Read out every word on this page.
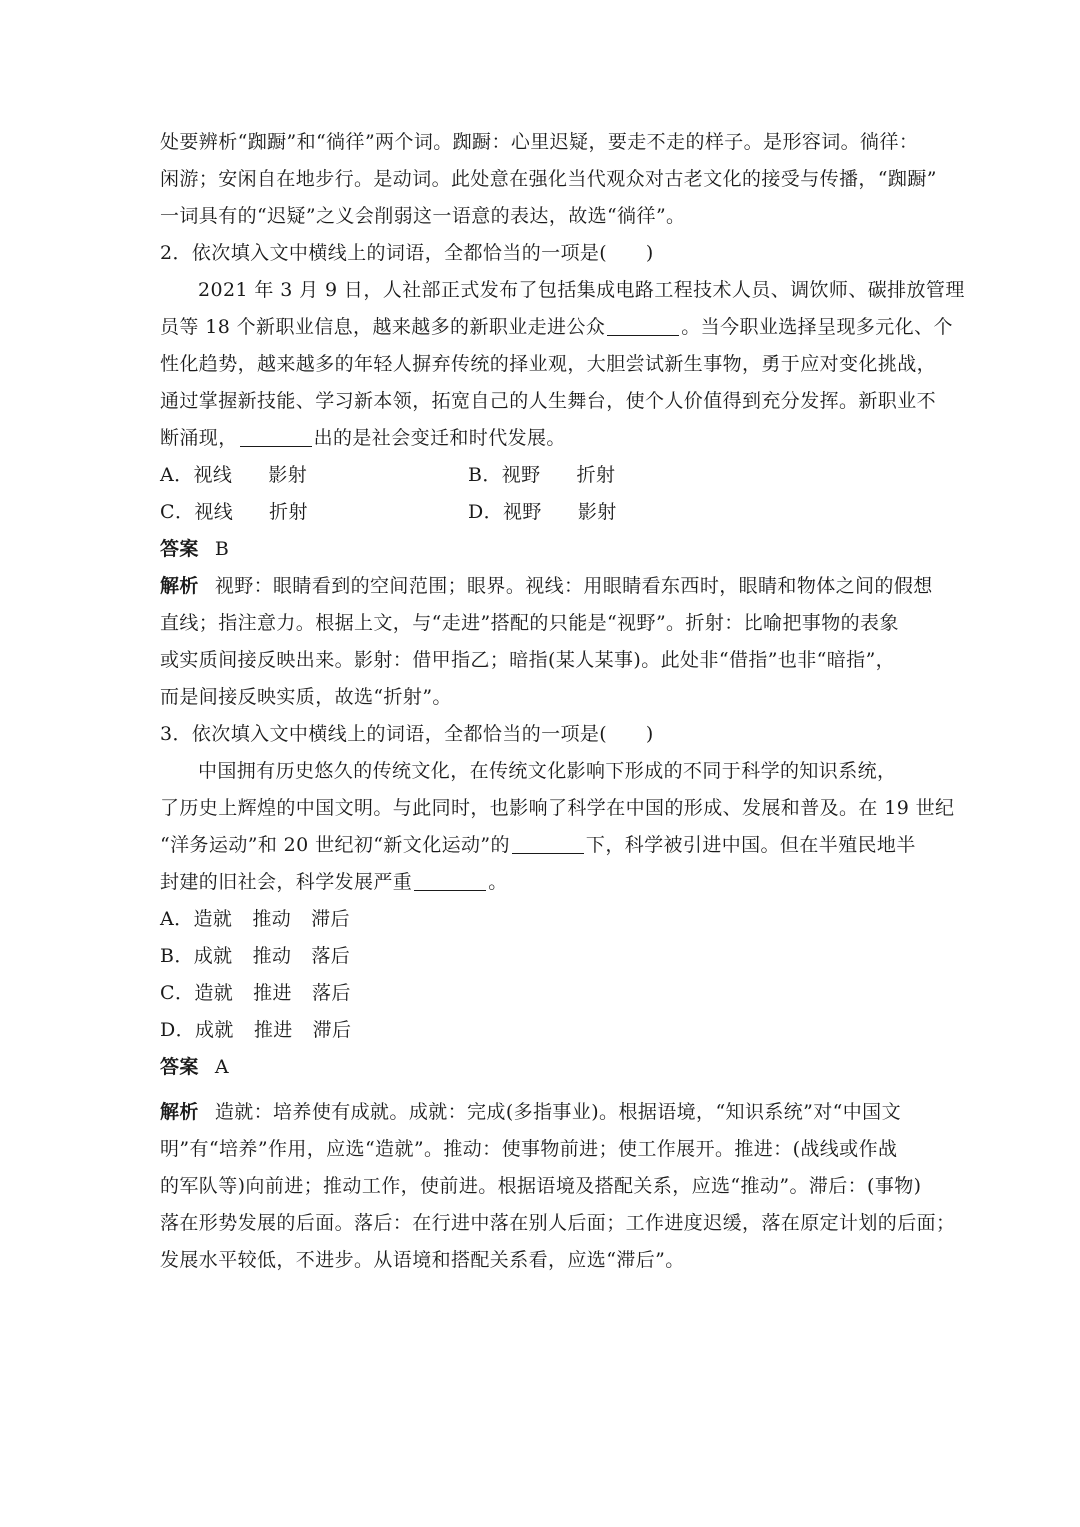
处要辨析“踟蹰”和“徜徉”两个词。踟蹰：心里迟疑，要走不走的样子。是形容词。徜徉：
闲游；安闲自在地步行。是动词。此处意在强化当代观众对古老文化的接受与传播，“踟蹰”
一词具有的“迟疑”之义会削弱这一语意的表达，故选“徜徉”。
2．依次填入文中横线上的词语，全都恰当的一项是(　　)
2021 年 3 月 9 日，人社部正式发布了包括集成电路工程技术人员、调饮师、碳排放管理
员等 18 个新职业信息，越来越多的新职业走进公众	。当今职业选择呈现多元化、个
性化趋势，越来越多的年轻人摒弃传统的择业观，大胆尝试新生事物，勇于应对变化挑战，
通过掌握新技能、学习新本领，拓宽自己的人生舞台，使个人价值得到充分发挥。新职业不
断涌现，	出的是社会变迁和时代发展。
A．视线 影射	B．视野 折射
C．视线 折射	D．视野 影射
答案 B
解析 视野：眼睛看到的空间范围；眼界。视线：用眼睛看东西时，眼睛和物体之间的假想
直线；指注意力。根据上文，与“走进”搭配的只能是“视野”。折射：比喻把事物的表象
或实质间接反映出来。影射：借甲指乙；暗指(某人某事)。此处非“借指”也非“暗指”，
而是间接反映实质，故选“折射”。
3．依次填入文中横线上的词语，全都恰当的一项是(　　)
中国拥有历史悠久的传统文化，在传统文化影响下形成的不同于科学的知识系统，
了历史上辉煌的中国文明。与此同时，也影响了科学在中国的形成、发展和普及。在 19 世纪
“洋务运动”和 20 世纪初“新文化运动”的	下，科学被引进中国。但在半殖民地半
封建的旧社会，科学发展严重	。
A．造就 推动 滞后
B．成就 推动 落后
C．造就 推进 落后
D．成就 推进 滞后
答案 A
解析 造就：培养使有成就。成就：完成(多指事业)。根据语境，“知识系统”对“中国文
明”有“培养”作用，应选“造就”。推动：使事物前进；使工作展开。推进：(战线或作战
的军队等)向前进；推动工作，使前进。根据语境及搭配关系，应选“推动”。滞后：(事物)
落在形势发展的后面。落后：在行进中落在别人后面；工作进度迟缓，落在原定计划的后面；
发展水平较低，不进步。从语境和搭配关系看，应选“滞后”。
